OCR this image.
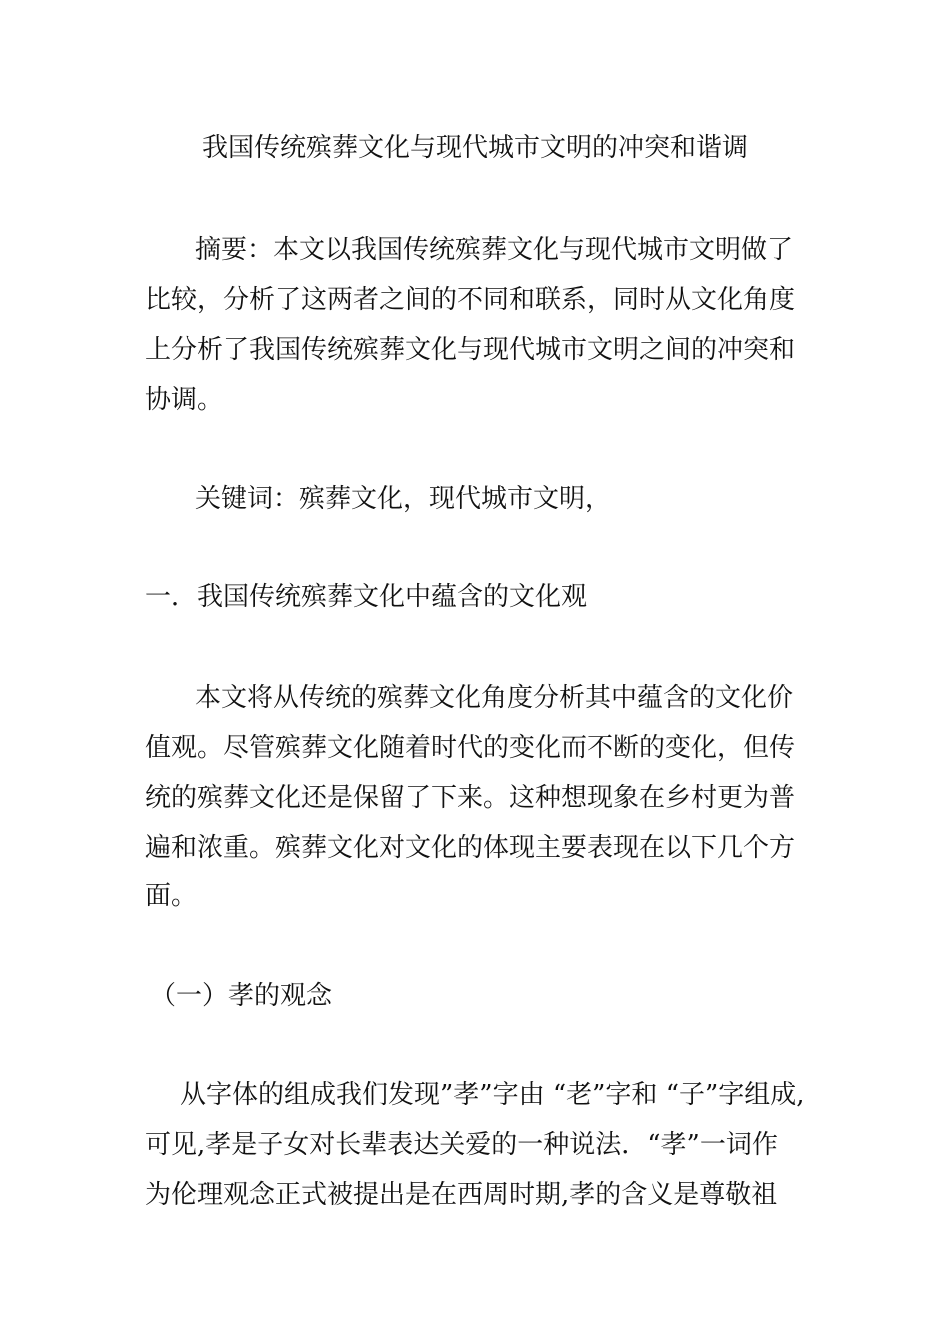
我国传统殡葬文化与现代城市文明的冲突和谐调
摘要：本文以我国传统殡葬文化与现代城市文明做了
比较，分析了这两者之间的不同和联系，同时从文化角度
上分析了我国传统殡葬文化与现代城市文明之间的冲突和
协调。
关键词：殡葬文化，现代城市文明，
一．我国传统殡葬文化中蕴含的文化观
本文将从传统的殡葬文化角度分析其中蕴含的文化价
值观。尽管殡葬文化随着时代的变化而不断的变化，但传
统的殡葬文化还是保留了下来。这种想现象在乡村更为普
遍和浓重。殡葬文化对文化的体现主要表现在以下几个方
面。
（一）孝的观念
从字体的组成我们发现”孝”字由 “老”字和 “子”字组成,
可见,孝是子女对长辈表达关爱的一种说法．“孝”一词作
为伦理观念正式被提出是在西周时期,孝的含义是尊敬祖
